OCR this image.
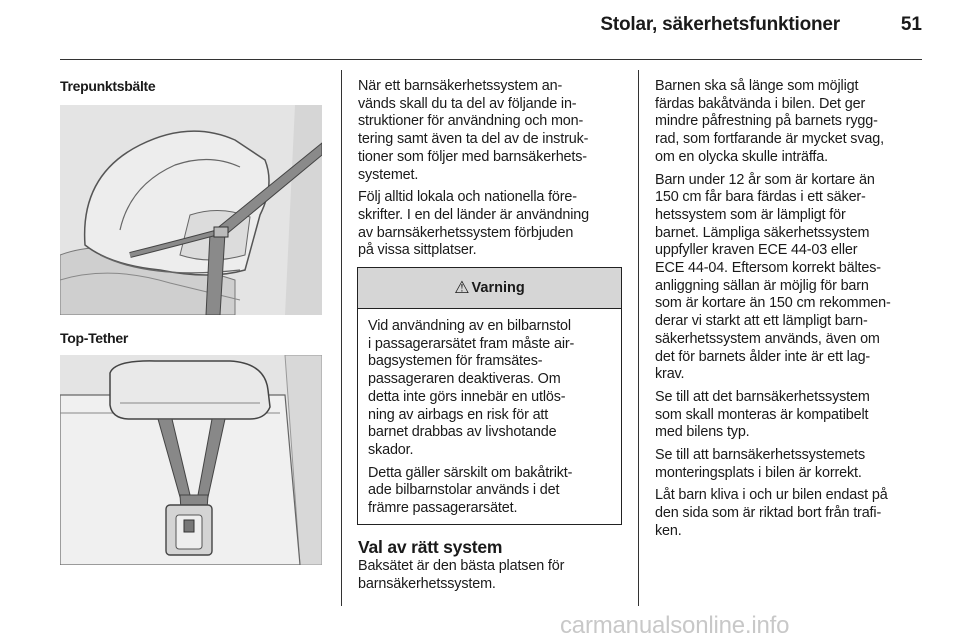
Stolar, säkerhetsfunktioner	51
Trepunktsbälte
Top-Tether

När ett barnsäkerhetssystem an-
vänds skall du ta del av följande in-
struktioner för användning och mon-
tering samt även ta del av de instruk-
tioner som följer med barnsäkerhets-
systemet.

Följ alltid lokala och nationella före-
skrifter. I en del länder är användning
av barnsäkerhetssystem förbjuden
på vissa sittplatser.

⚠ Varning

Vid användning av en bilbarnstol
i passagerarsätet fram måste air-
bagsystemen för framsätes-
passageraren deaktiveras. Om
detta inte görs innebär en utlös-
ning av airbags en risk för att
barnet drabbas av livshotande
skador.

Detta gäller särskilt om bakåtrikt-
ade bilbarnstolar används i det
främre passagerarsätet.

Val av rätt system
Baksätet är den bästa platsen för
barnsäkerhetssystem.

Barnen ska så länge som möjligt
färdas bakåtvända i bilen. Det ger
mindre påfrestning på barnets rygg-
rad, som fortfarande är mycket svag,
om en olycka skulle inträffa.

Barn under 12 år som är kortare än
150 cm får bara färdas i ett säker-
hetssystem som är lämpligt för
barnet. Lämpliga säkerhetssystem
uppfyller kraven ECE 44-03 eller
ECE 44-04. Eftersom korrekt bältes-
anliggning sällan är möjlig för barn
som är kortare än 150 cm rekommen-
derar vi starkt att ett lämpligt barn-
säkerhetssystem används, även om
det för barnets ålder inte är ett lag-
krav.

Se till att det barnsäkerhetssystem
som skall monteras är kompatibelt
med bilens typ.

Se till att barnsäkerhetssystemets
monteringsplats i bilen är korrekt.

Låt barn kliva i och ur bilen endast på
den sida som är riktad bort från trafi-
ken.

carmanualsonline.info
